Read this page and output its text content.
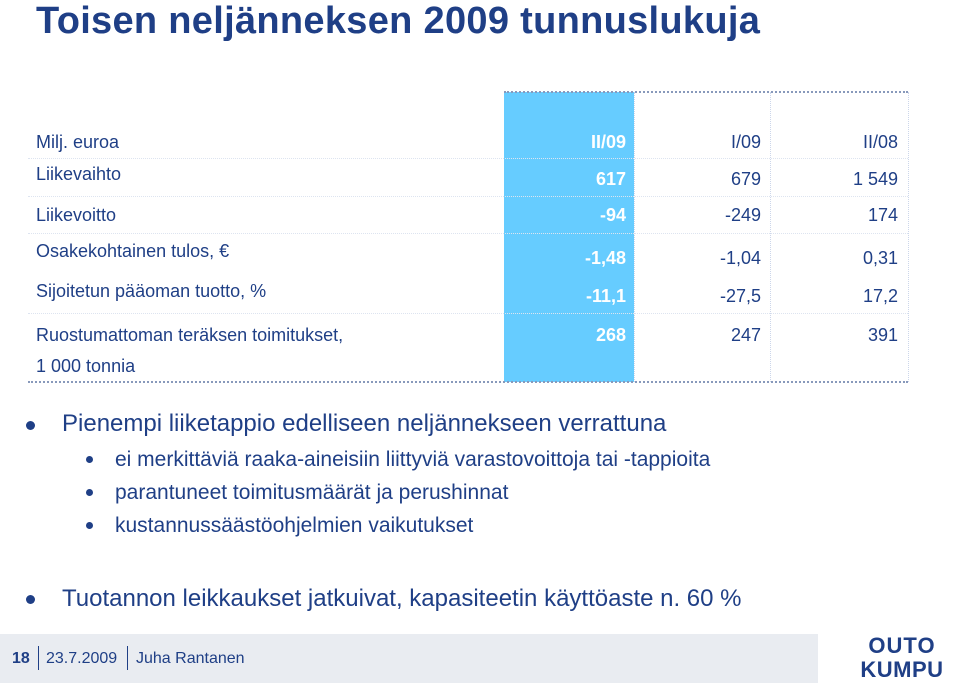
Toisen neljänneksen 2009 tunnuslukuja
Milj. euroa	II/09	I/09	II/08
Liikevaihto	617	679	1 549
Liikevoitto	-94	-249	174
Osakekohtainen tulos, €	-1,48	-1,04	0,31
Sijoitetun pääoman tuotto, %	-11,1	-27,5	17,2
Ruostumattoman teräksen toimitukset,
1 000 tonnia
268	247	391
Pienempi liiketappio edelliseen neljännekseen verrattuna
ei merkittäviä raaka-aineisiin liittyviä varastovoittoja tai -tappioita
parantuneet toimitusmäärät ja perushinnat
kustannussäästöohjelmien vaikutukset
Tuotannon leikkaukset jatkuivat, kapasiteetin käyttöaste n. 60 %
18 23.7.2009 Juha Rantanen
OUTO
KUMPU
